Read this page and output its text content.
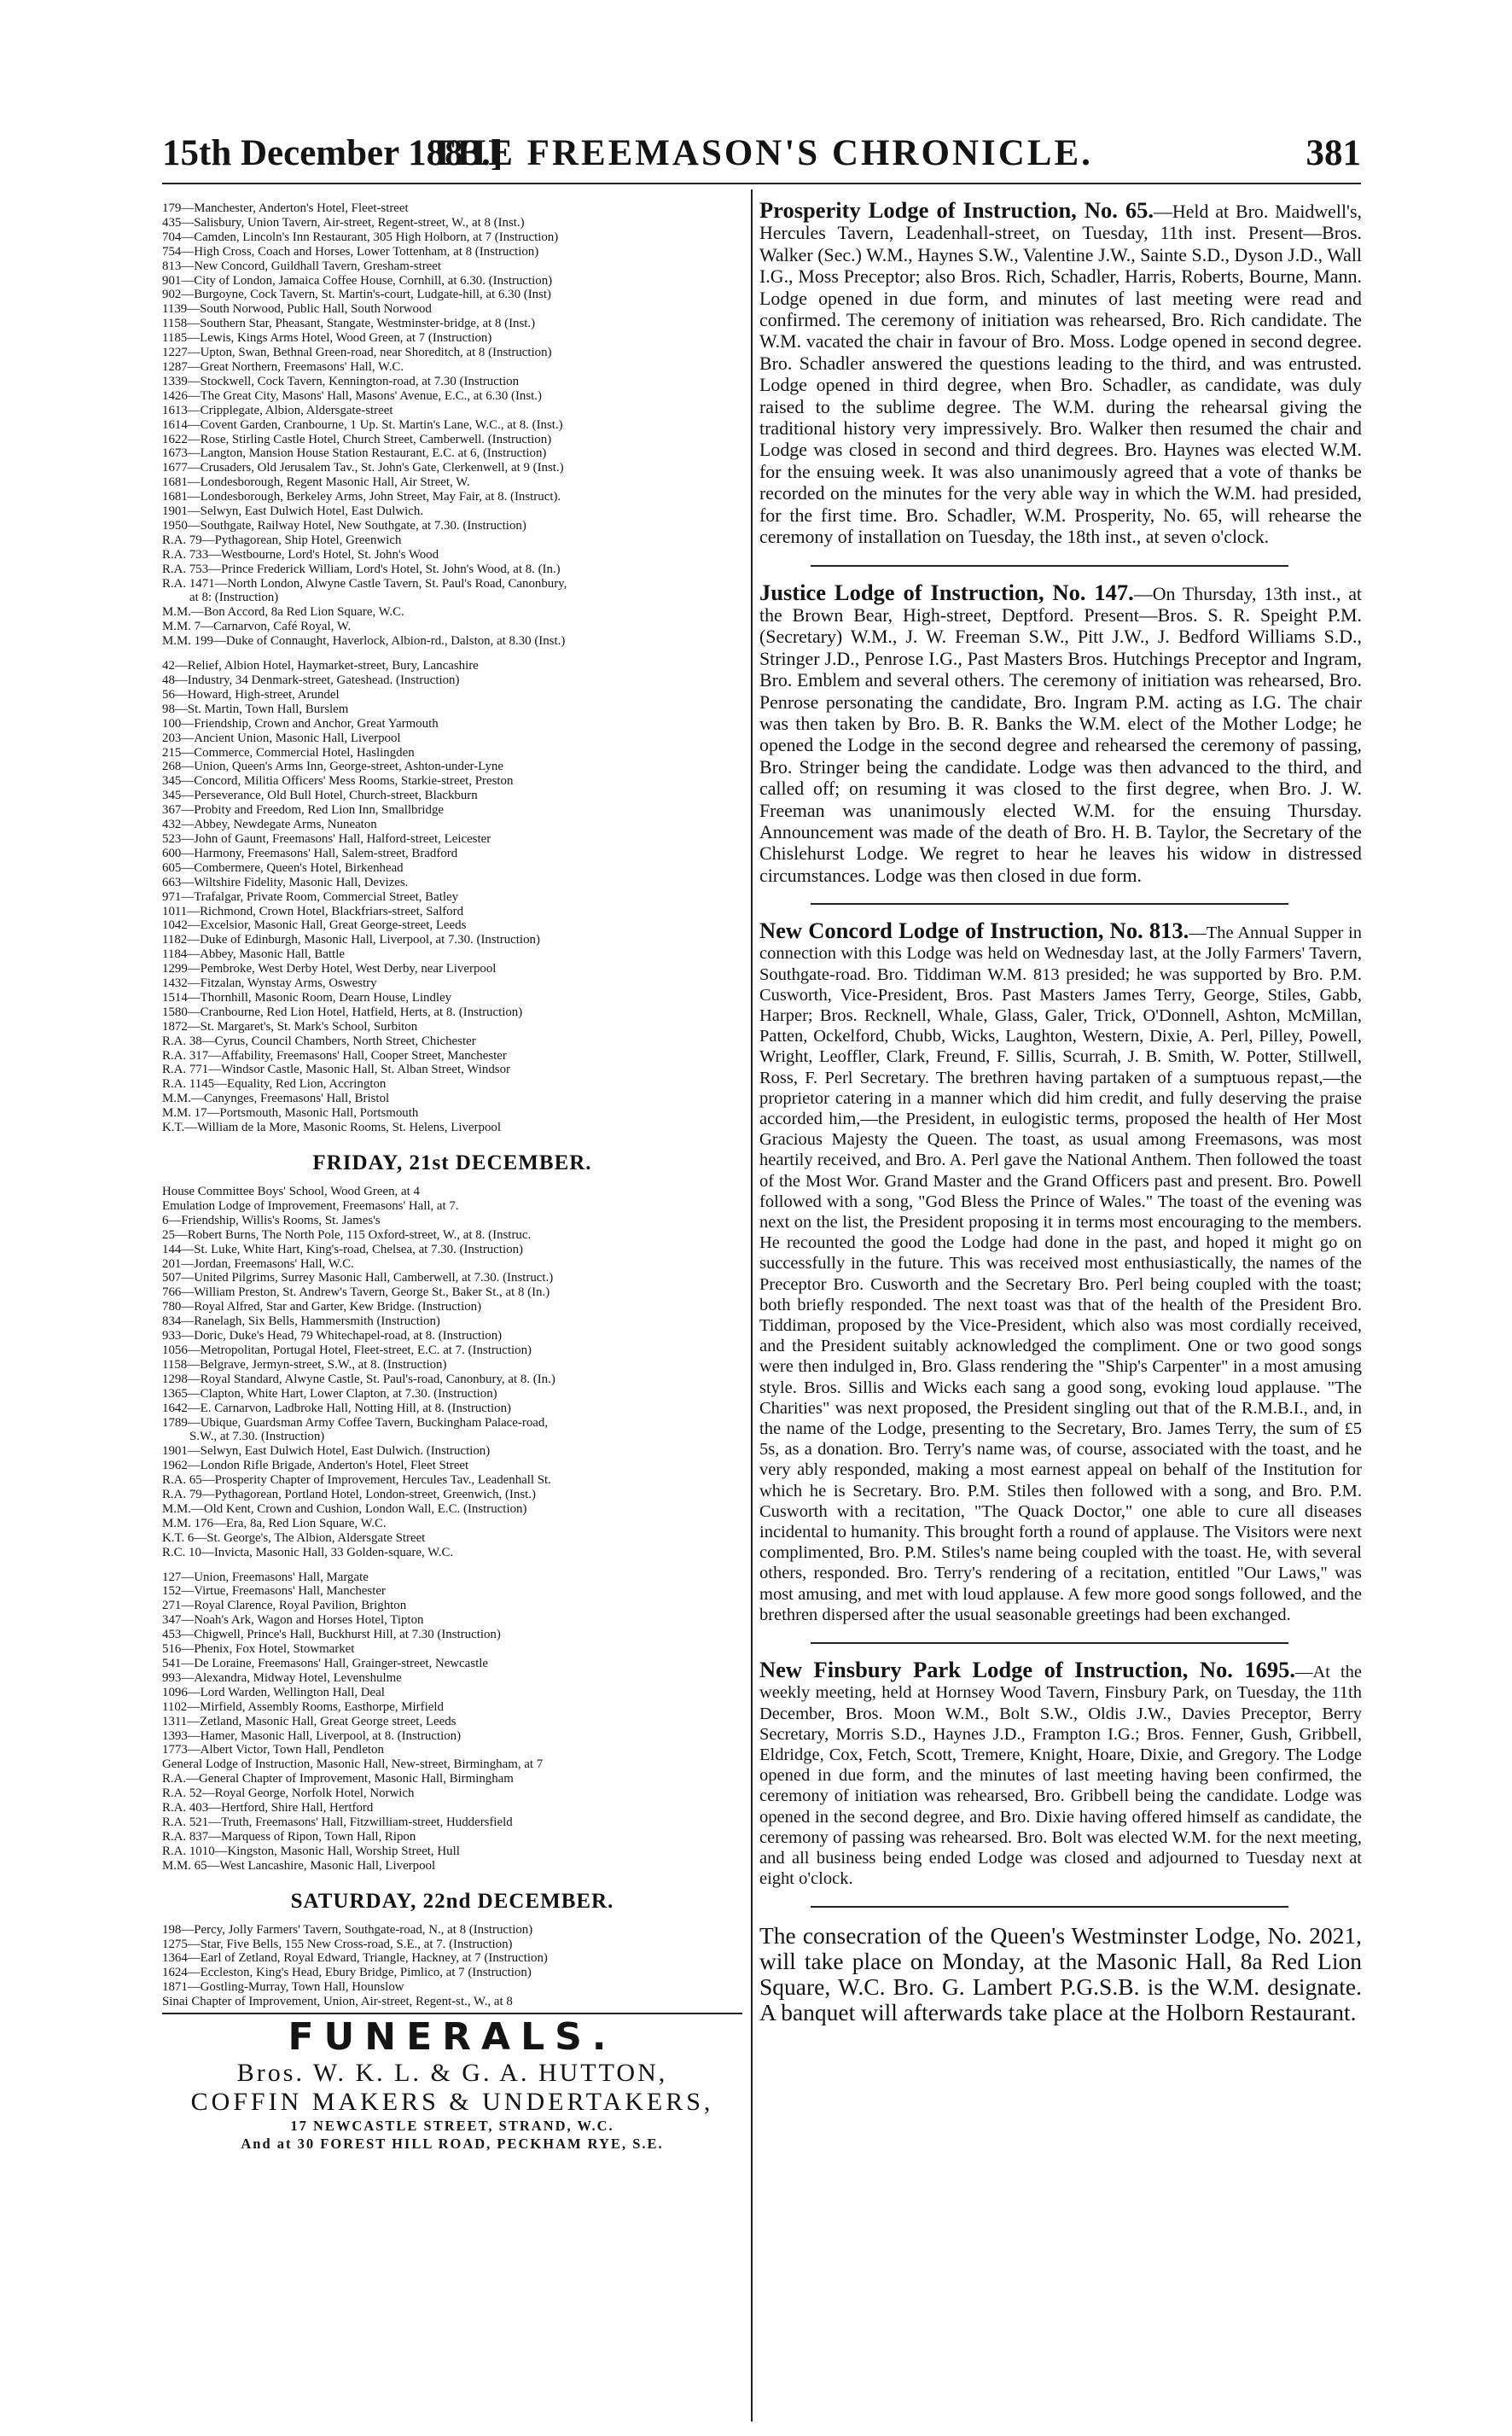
15th December 1883.]
THE FREEMASON'S CHRONICLE.	381
179—Manchester, Anderton's Hotel, Fleet-street
435—Salisbury, Union Tavern, Air-street, Regent-street, W., at 8 (Inst.)
704—Camden, Lincoln's Inn Restaurant, 305 High Holborn, at 7 (Instruction)
754—High Cross, Coach and Horses, Lower Tottenham, at 8 (Instruction)
813—New Concord, Guildhall Tavern, Gresham-street
901—City of London, Jamaica Coffee House, Cornhill, at 6.30. (Instruction)
902—Burgoyne, Cock Tavern, St. Martin's-court, Ludgate-hill, at 6.30 (Inst)
1139—South Norwood, Public Hall, South Norwood
1158—Southern Star, Pheasant, Stangate, Westminster-bridge, at 8 (Inst.)
1185—Lewis, Kings Arms Hotel, Wood Green, at 7 (Instruction)
1227—Upton, Swan, Bethnal Green-road, near Shoreditch, at 8 (Instruction)
1287—Great Northern, Freemasons' Hall, W.C.
1339—Stockwell, Cock Tavern, Kennington-road, at 7.30 (Instruction
1426—The Great City, Masons' Hall, Masons' Avenue, E.C., at 6.30 (Inst.)
1613—Cripplegate, Albion, Aldersgate-street
1614—Covent Garden, Cranbourne, 1 Up. St. Martin's Lane, W.C., at 8. (Inst.)
1622—Rose, Stirling Castle Hotel, Church Street, Camberwell. (Instruction)
1673—Langton, Mansion House Station Restaurant, E.C. at 6, (Instruction)
1677—Crusaders, Old Jerusalem Tav., St. John's Gate, Clerkenwell, at 9 (Inst.)
1681—Londesborough, Regent Masonic Hall, Air Street, W.
1681—Londesborough, Berkeley Arms, John Street, May Fair, at 8. (Instruct).
1901—Selwyn, East Dulwich Hotel, East Dulwich.
1950—Southgate, Railway Hotel, New Southgate, at 7.30. (Instruction)
R.A. 79—Pythagorean, Ship Hotel, Greenwich
R.A. 733—Westbourne, Lord's Hotel, St. John's Wood
R.A. 753—Prince Frederick William, Lord's Hotel, St. John's Wood, at 8. (In.)
R.A. 1471—North London, Alwyne Castle Tavern, St. Paul's Road, Canonbury,
at 8: (Instruction)
M.M.—Bon Accord, 8a Red Lion Square, W.C.
M.M. 7—Carnarvon, Café Royal, W.
M.M. 199—Duke of Connaught, Haverlock, Albion-rd., Dalston, at 8.30 (Inst.)
42—Relief, Albion Hotel, Haymarket-street, Bury, Lancashire
48—Industry, 34 Denmark-street, Gateshead. (Instruction)
56—Howard, High-street, Arundel
98—St. Martin, Town Hall, Burslem
100—Friendship, Crown and Anchor, Great Yarmouth
203—Ancient Union, Masonic Hall, Liverpool
215—Commerce, Commercial Hotel, Haslingden
268—Union, Queen's Arms Inn, George-street, Ashton-under-Lyne
345—Concord, Militia Officers' Mess Rooms, Starkie-street, Preston
345—Perseverance, Old Bull Hotel, Church-street, Blackburn
367—Probity and Freedom, Red Lion Inn, Smallbridge
432—Abbey, Newdegate Arms, Nuneaton
523—John of Gaunt, Freemasons' Hall, Halford-street, Leicester
600—Harmony, Freemasons' Hall, Salem-street, Bradford
605—Combermere, Queen's Hotel, Birkenhead
663—Wiltshire Fidelity, Masonic Hall, Devizes.
971—Trafalgar, Private Room, Commercial Street, Batley
1011—Richmond, Crown Hotel, Blackfriars-street, Salford
1042—Excelsior, Masonic Hall, Great George-street, Leeds
1182—Duke of Edinburgh, Masonic Hall, Liverpool, at 7.30. (Instruction)
1184—Abbey, Masonic Hall, Battle
1299—Pembroke, West Derby Hotel, West Derby, near Liverpool
1432—Fitzalan, Wynstay Arms, Oswestry
1514—Thornhill, Masonic Room, Dearn House, Lindley
1580—Cranbourne, Red Lion Hotel, Hatfield, Herts, at 8. (Instruction)
1872—St. Margaret's, St. Mark's School, Surbiton
R.A. 38—Cyrus, Council Chambers, North Street, Chichester
R.A. 317—Affability, Freemasons' Hall, Cooper Street, Manchester
R.A. 771—Windsor Castle, Masonic Hall, St. Alban Street, Windsor
R.A. 1145—Equality, Red Lion, Accrington
M.M.—Canynges, Freemasons' Hall, Bristol
M.M. 17—Portsmouth, Masonic Hall, Portsmouth
K.T.—William de la More, Masonic Rooms, St. Helens, Liverpool
FRIDAY, 21st DECEMBER.
House Committee Boys' School, Wood Green, at 4
Emulation Lodge of Improvement, Freemasons' Hall, at 7.
6—Friendship, Willis's Rooms, St. James's
25—Robert Burns, The North Pole, 115 Oxford-street, W., at 8. (Instruc.
144—St. Luke, White Hart, King's-road, Chelsea, at 7.30. (Instruction)
201—Jordan, Freemasons' Hall, W.C.
507—United Pilgrims, Surrey Masonic Hall, Camberwell, at 7.30. (Instruct.)
766—William Preston, St. Andrew's Tavern, George St., Baker St., at 8 (In.)
780—Royal Alfred, Star and Garter, Kew Bridge. (Instruction)
834—Ranelagh, Six Bells, Hammersmith (Instruction)
933—Doric, Duke's Head, 79 Whitechapel-road, at 8. (Instruction)
1056—Metropolitan, Portugal Hotel, Fleet-street, E.C. at 7. (Instruction)
1158—Belgrave, Jermyn-street, S.W., at 8. (Instruction)
1298—Royal Standard, Alwyne Castle, St. Paul's-road, Canonbury, at 8. (In.)
1365—Clapton, White Hart, Lower Clapton, at 7.30. (Instruction)
1642—E. Carnarvon, Ladbroke Hall, Notting Hill, at 8. (Instruction)
1789—Ubique, Guardsman Army Coffee Tavern, Buckingham Palace-road,
S.W., at 7.30. (Instruction)
1901—Selwyn, East Dulwich Hotel, East Dulwich. (Instruction)
1962—London Rifle Brigade, Anderton's Hotel, Fleet Street
R.A. 65—Prosperity Chapter of Improvement, Hercules Tav., Leadenhall St.
R.A. 79—Pythagorean, Portland Hotel, London-street, Greenwich, (Inst.)
M.M.—Old Kent, Crown and Cushion, London Wall, E.C. (Instruction)
M.M. 176—Era, 8a, Red Lion Square, W.C.
K.T. 6—St. George's, The Albion, Aldersgate Street
R.C. 10—Invicta, Masonic Hall, 33 Golden-square, W.C.
127—Union, Freemasons' Hall, Margate
152—Virtue, Freemasons' Hall, Manchester
271—Royal Clarence, Royal Pavilion, Brighton
347—Noah's Ark, Wagon and Horses Hotel, Tipton
453—Chigwell, Prince's Hall, Buckhurst Hill, at 7.30 (Instruction)
516—Phenix, Fox Hotel, Stowmarket
541—De Loraine, Freemasons' Hall, Grainger-street, Newcastle
993—Alexandra, Midway Hotel, Levenshulme
1096—Lord Warden, Wellington Hall, Deal
1102—Mirfield, Assembly Rooms, Easthorpe, Mirfield
1311—Zetland, Masonic Hall, Great George street, Leeds
1393—Hamer, Masonic Hall, Liverpool, at 8. (Instruction)
1773—Albert Victor, Town Hall, Pendleton
General Lodge of Instruction, Masonic Hall, New-street, Birmingham, at 7
R.A.—General Chapter of Improvement, Masonic Hall, Birmingham
R.A. 52—Royal George, Norfolk Hotel, Norwich
R.A. 403—Hertford, Shire Hall, Hertford
R.A. 521—Truth, Freemasons' Hall, Fitzwilliam-street, Huddersfield
R.A. 837—Marquess of Ripon, Town Hall, Ripon
R.A. 1010—Kingston, Masonic Hall, Worship Street, Hull
M.M. 65—West Lancashire, Masonic Hall, Liverpool
SATURDAY, 22nd DECEMBER.
198—Percy, Jolly Farmers' Tavern, Southgate-road, N., at 8 (Instruction)
1275—Star, Five Bells, 155 New Cross-road, S.E., at 7. (Instruction)
1364—Earl of Zetland, Royal Edward, Triangle, Hackney, at 7 (Instruction)
1624—Eccleston, King's Head, Ebury Bridge, Pimlico, at 7 (Instruction)
1871—Gostling-Murray, Town Hall, Hounslow
Sinai Chapter of Improvement, Union, Air-street, Regent-st., W., at 8
FUNERALS.
Bros. W. K. L. & G. A. HUTTON,
COFFIN MAKERS & UNDERTAKERS,
17 NEWCASTLE STREET, STRAND, W.C.
And at 30 FOREST HILL ROAD, PECKHAM RYE, S.E.

Prosperity Lodge of Instruction, No. 65.—Held at Bro. Maidwell's, Hercules Tavern, Leadenhall-street, on Tuesday, 11th inst. Present—Bros. Walker (Sec.) W.M., Haynes S.W., Valentine J.W., Sainte S.D., Dyson J.D., Wall I.G., Moss Preceptor; also Bros. Rich, Schadler, Harris, Roberts, Bourne, Mann. Lodge opened in due form, and minutes of last meeting were read and confirmed. The ceremony of initiation was rehearsed, Bro. Rich candidate. The W.M. vacated the chair in favour of Bro. Moss. Lodge opened in second degree. Bro. Schadler answered the questions leading to the third, and was entrusted. Lodge opened in third degree, when Bro. Schadler, as candidate, was duly raised to the sublime degree. The W.M. during the rehearsal giving the traditional history very impressively. Bro. Walker then resumed the chair and Lodge was closed in second and third degrees. Bro. Haynes was elected W.M. for the ensuing week. It was also unanimously agreed that a vote of thanks be recorded on the minutes for the very able way in which the W.M. had presided, for the first time. Bro. Schadler, W.M. Prosperity, No. 65, will rehearse the ceremony of installation on Tuesday, the 18th inst., at seven o'clock.

Justice Lodge of Instruction, No. 147.—On Thursday, 13th inst., at the Brown Bear, High-street, Deptford. Present—Bros. S. R. Speight P.M. (Secretary) W.M., J. W. Freeman S.W., Pitt J.W., J. Bedford Williams S.D., Stringer J.D., Penrose I.G., Past Masters Bros. Hutchings Preceptor and Ingram, Bro. Emblem and several others. The ceremony of initiation was rehearsed, Bro. Penrose personating the candidate, Bro. Ingram P.M. acting as I.G. The chair was then taken by Bro. B. R. Banks the W.M. elect of the Mother Lodge; he opened the Lodge in the second degree and rehearsed the ceremony of passing, Bro. Stringer being the candidate. Lodge was then advanced to the third, and called off; on resuming it was closed to the first degree, when Bro. J. W. Freeman was unanimously elected W.M. for the ensuing Thursday. Announcement was made of the death of Bro. H. B. Taylor, the Secretary of the Chislehurst Lodge. We regret to hear he leaves his widow in distressed circumstances. Lodge was then closed in due form.

New Concord Lodge of Instruction, No. 813.—The Annual Supper in connection with this Lodge was held on Wednesday last, at the Jolly Farmers' Tavern, Southgate-road. Bro. Tiddiman W.M. 813 presided; he was supported by Bro. P.M. Cusworth, Vice-President, Bros. Past Masters James Terry, George, Stiles, Gabb, Harper; Bros. Recknell, Whale, Glass, Galer, Trick, O'Donnell, Ashton, McMillan, Patten, Ockelford, Chubb, Wicks, Laughton, Western, Dixie, A. Perl, Pilley, Powell, Wright, Leoffler, Clark, Freund, F. Sillis, Scurrah, J. B. Smith, W. Potter, Stillwell, Ross, F. Perl Secretary. The brethren having partaken of a sumptuous repast,—the proprietor catering in a manner which did him credit, and fully deserving the praise accorded him,—the President, in eulogistic terms, proposed the health of Her Most Gracious Majesty the Queen. The toast, as usual among Freemasons, was most heartily received, and Bro. A. Perl gave the National Anthem. Then followed the toast of the Most Wor. Grand Master and the Grand Officers past and present. Bro. Powell followed with a song, "God Bless the Prince of Wales." The toast of the evening was next on the list, the President proposing it in terms most encouraging to the members. He recounted the good the Lodge had done in the past, and hoped it might go on successfully in the future. This was received most enthusiastically, the names of the Preceptor Bro. Cusworth and the Secretary Bro. Perl being coupled with the toast; both briefly responded. The next toast was that of the health of the President Bro. Tiddiman, proposed by the Vice-President, which also was most cordially received, and the President suitably acknowledged the compliment. One or two good songs were then indulged in, Bro. Glass rendering the "Ship's Carpenter" in a most amusing style. Bros. Sillis and Wicks each sang a good song, evoking loud applause. "The Charities" was next proposed, the President singling out that of the R.M.B.I., and, in the name of the Lodge, presenting to the Secretary, Bro. James Terry, the sum of £5 5s, as a donation. Bro. Terry's name was, of course, associated with the toast, and he very ably responded, making a most earnest appeal on behalf of the Institution for which he is Secretary. Bro. P.M. Stiles then followed with a song, and Bro. P.M. Cusworth with a recitation, "The Quack Doctor," one able to cure all diseases incidental to humanity. This brought forth a round of applause. The Visitors were next complimented, Bro. P.M. Stiles's name being coupled with the toast. He, with several others, responded. Bro. Terry's rendering of a recitation, entitled "Our Laws," was most amusing, and met with loud applause. A few more good songs followed, and the brethren dispersed after the usual seasonable greetings had been exchanged.

New Finsbury Park Lodge of Instruction, No. 1695.—At the weekly meeting, held at Hornsey Wood Tavern, Finsbury Park, on Tuesday, the 11th December, Bros. Moon W.M., Bolt S.W., Oldis J.W., Davies Preceptor, Berry Secretary, Morris S.D., Haynes J.D., Frampton I.G.; Bros. Fenner, Gush, Gribbell, Eldridge, Cox, Fetch, Scott, Tremere, Knight, Hoare, Dixie, and Gregory. The Lodge opened in due form, and the minutes of last meeting having been confirmed, the ceremony of initiation was rehearsed, Bro. Gribbell being the candidate. Lodge was opened in the second degree, and Bro. Dixie having offered himself as candidate, the ceremony of passing was rehearsed. Bro. Bolt was elected W.M. for the next meeting, and all business being ended Lodge was closed and adjourned to Tuesday next at eight o'clock.

The consecration of the Queen's Westminster Lodge, No. 2021, will take place on Monday, at the Masonic Hall, 8a Red Lion Square, W.C. Bro. G. Lambert P.G.S.B. is the W.M. designate. A banquet will afterwards take place at the Holborn Restaurant.
